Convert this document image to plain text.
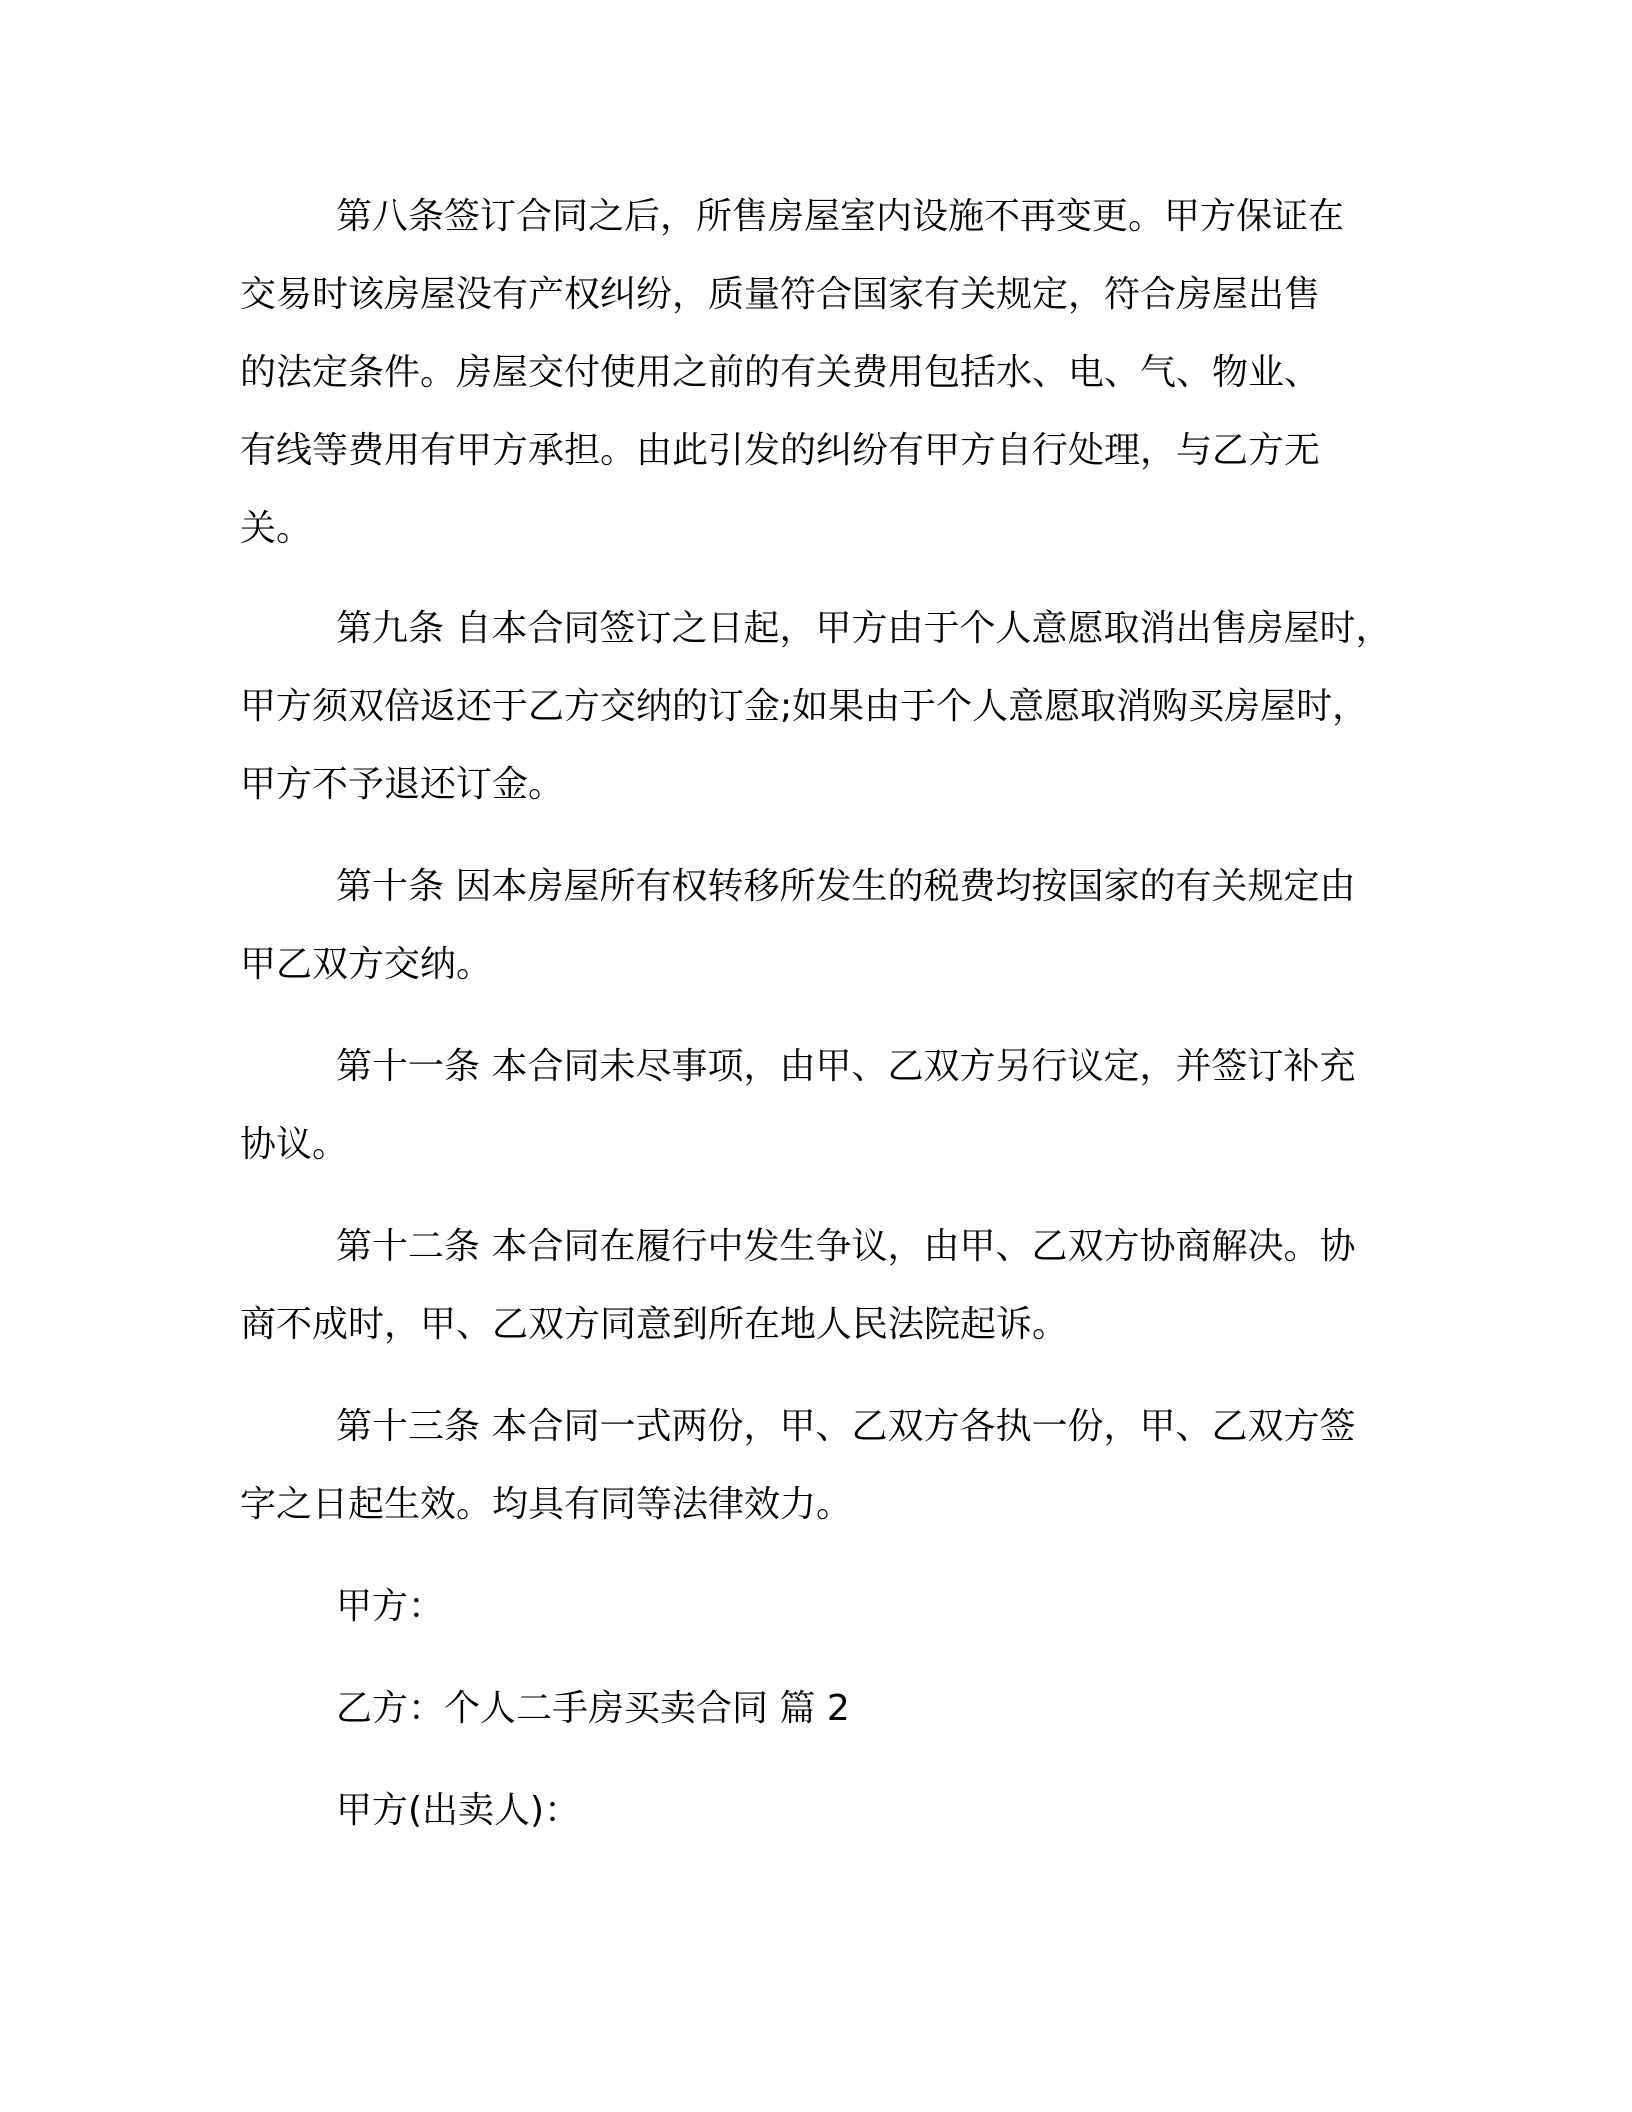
第八条签订合同之后，所售房屋室内设施不再变更。甲方保证在
交易时该房屋没有产权纠纷，质量符合国家有关规定，符合房屋出售
的法定条件。房屋交付使用之前的有关费用包括水、电、气、物业、
有线等费用有甲方承担。由此引发的纠纷有甲方自行处理，与乙方无
关。

第九条 自本合同签订之日起，甲方由于个人意愿取消出售房屋时，
甲方须双倍返还于乙方交纳的订金;如果由于个人意愿取消购买房屋时，
甲方不予退还订金。

第十条 因本房屋所有权转移所发生的税费均按国家的有关规定由
甲乙双方交纳。

第十一条 本合同未尽事项，由甲、乙双方另行议定，并签订补充
协议。

第十二条 本合同在履行中发生争议，由甲、乙双方协商解决。协
商不成时，甲、乙双方同意到所在地人民法院起诉。

第十三条 本合同一式两份，甲、乙双方各执一份，甲、乙双方签
字之日起生效。均具有同等法律效力。

甲方：

乙方：个人二手房买卖合同 篇 2

甲方(出卖人)：
